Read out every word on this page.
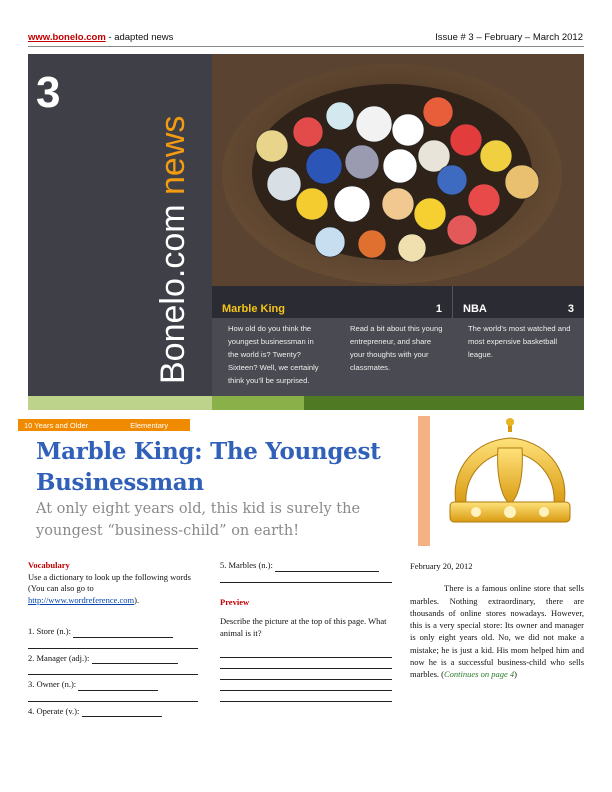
www.bonelo.com - adapted news	Issue # 3 – February – March 2012
3
Bonelo.com news
Marble King	1 NBA	3
How old do you think the youngest businessman in the world is? Twenty? Sixteen? Well, we certainly think you’ll be surprised.
Read a bit about this young entrepreneur, and share your thoughts with your classmates.
The world’s most watched and most expensive basketball league.
10 Years and Older	Elementary
Marble King: The Youngest Businessman
At only eight years old, this kid is surely the youngest “business-child” on earth!
Vocabulary
Use a dictionary to look up the following words (You can also go to
http://www.wordreference.com).
1. Store (n.):
2. Manager (adj.):
3. Owner (n.):
4. Operate (v.):
5. Marbles (n.):
Preview
Describe the picture at the top of this page. What animal is it?
February 20, 2012
There is a famous online store that sells marbles. Nothing extraordinary, there are thousands of online stores nowadays. However, this is a very special store: Its owner and manager is only eight years old. No, we did not make a mistake; he is just a kid. His mom helped him and now he is a successful business-child who sells marbles. (Continues on page 4)
